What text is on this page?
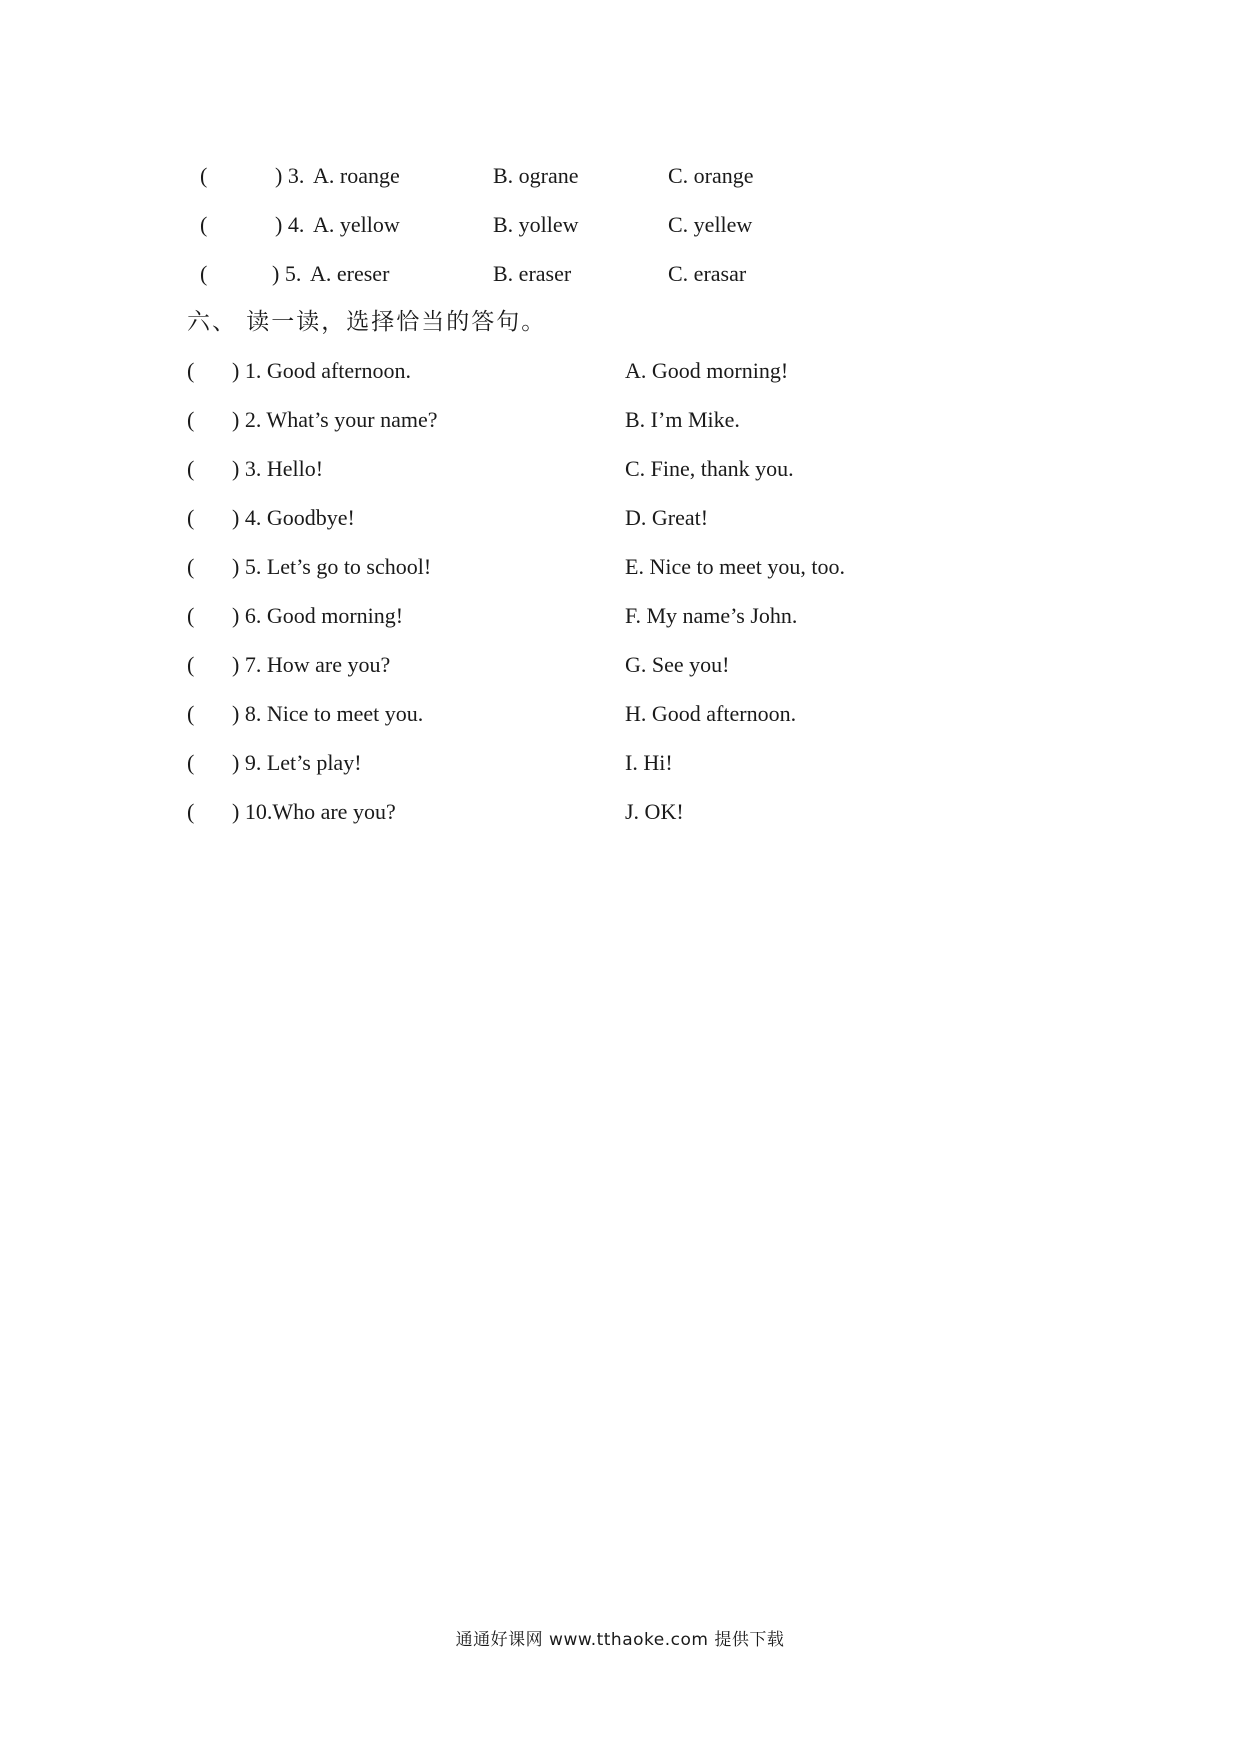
(	) 3. A. roange	B. ograne	C. orange
(	) 4. A. yellow	B. yollew	C. yellew
(	) 5. A. ereser	B. eraser	C. erasar
六、 读一读，选择恰当的答句。
( ) 1. Good afternoon.	A. Good morning!
( ) 2. What’s your name?	B. I’m Mike.
( ) 3. Hello!	C. Fine, thank you.
( ) 4. Goodbye!	D. Great!
( ) 5. Let’s go to school!	E. Nice to meet you, too.
( ) 6. Good morning!	F. My name’s John.
( ) 7. How are you?	G. See you!
( ) 8. Nice to meet you.	H. Good afternoon.
( ) 9. Let’s play!	I. Hi!
( ) 10.Who are you?	J. OK!
通通好课网 www.tthaoke.com 提供下载
